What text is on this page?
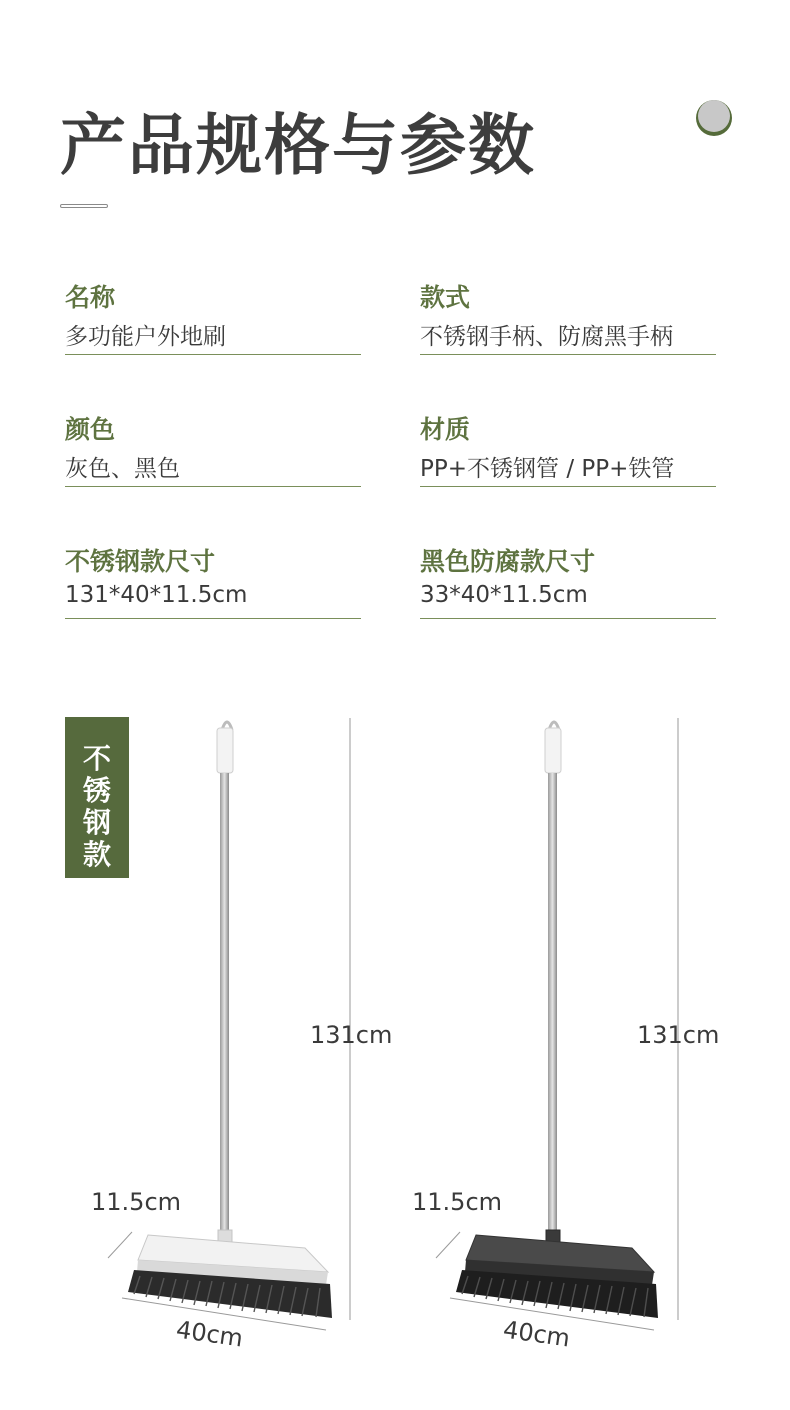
产品规格与参数
名称
多功能户外地刷
款式
不锈钢手柄、防腐黑手柄
颜色
灰色、黑色
材质
PP+不锈钢管 / PP+铁管
不锈钢款尺寸
131*40*11.5cm
黑色防腐款尺寸
33*40*11.5cm
不
锈
钢
款
131cm
11.5cm
40cm
131cm
11.5cm
40cm
